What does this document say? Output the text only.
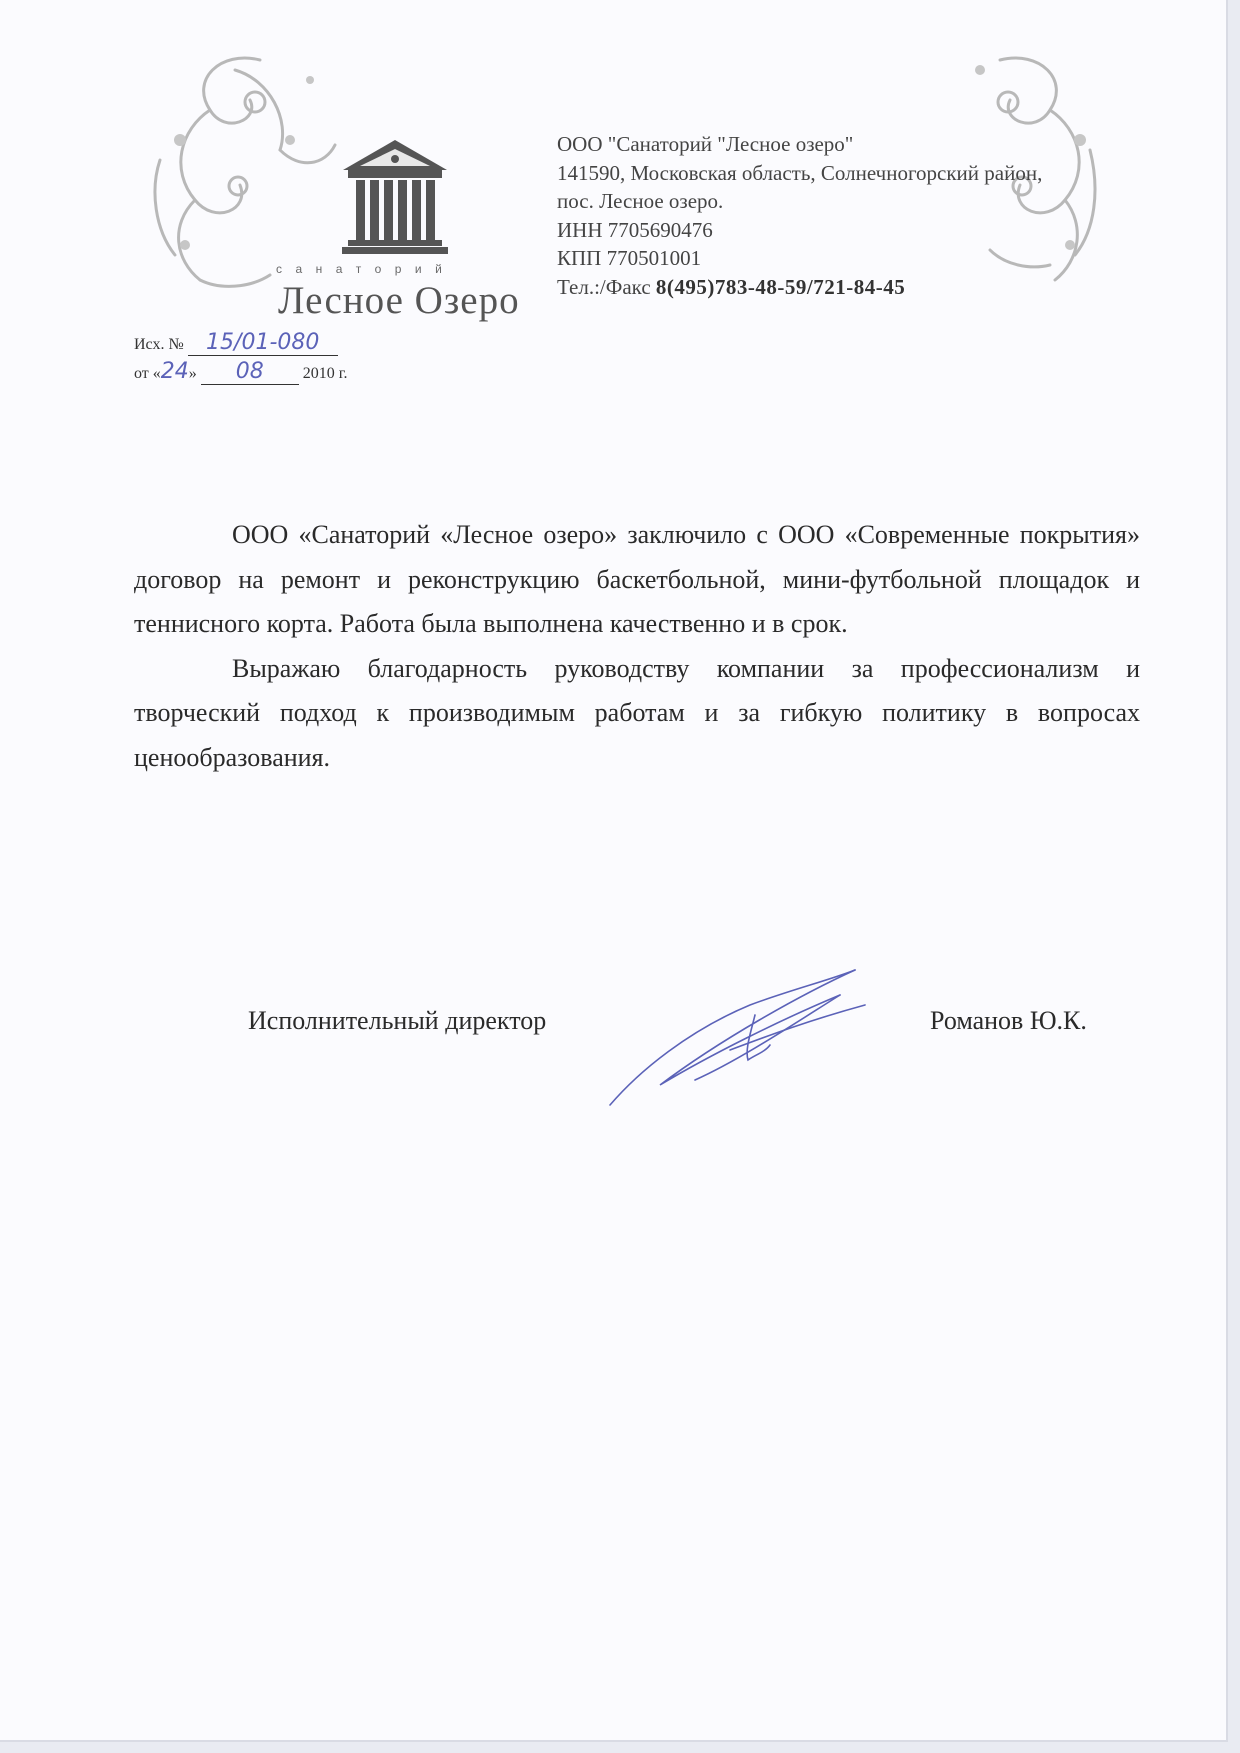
санаторий
Лесное Озеро
ООО "Санаторий "Лесное озеро"
141590, Московская область, Солнечногорский район,
пос. Лесное озеро.
ИНН 7705690476
КПП 770501001
Тел.:/Факс 8(495)783-48-59/721-84-45
Исх. № 15/01-080
от «24» 08 2010 г.

ООО «Санаторий «Лесное озеро» заключило с ООО «Современные покрытия» договор на ремонт и реконструкцию баскетбольной, мини-футбольной площадок и теннисного корта. Работа была выполнена качественно и в срок.

Выражаю благодарность руководству компании за профессионализм и творческий подход к производимым работам и за гибкую политику в вопросах ценообразования.

Исполнительный директор	Романов Ю.К.
